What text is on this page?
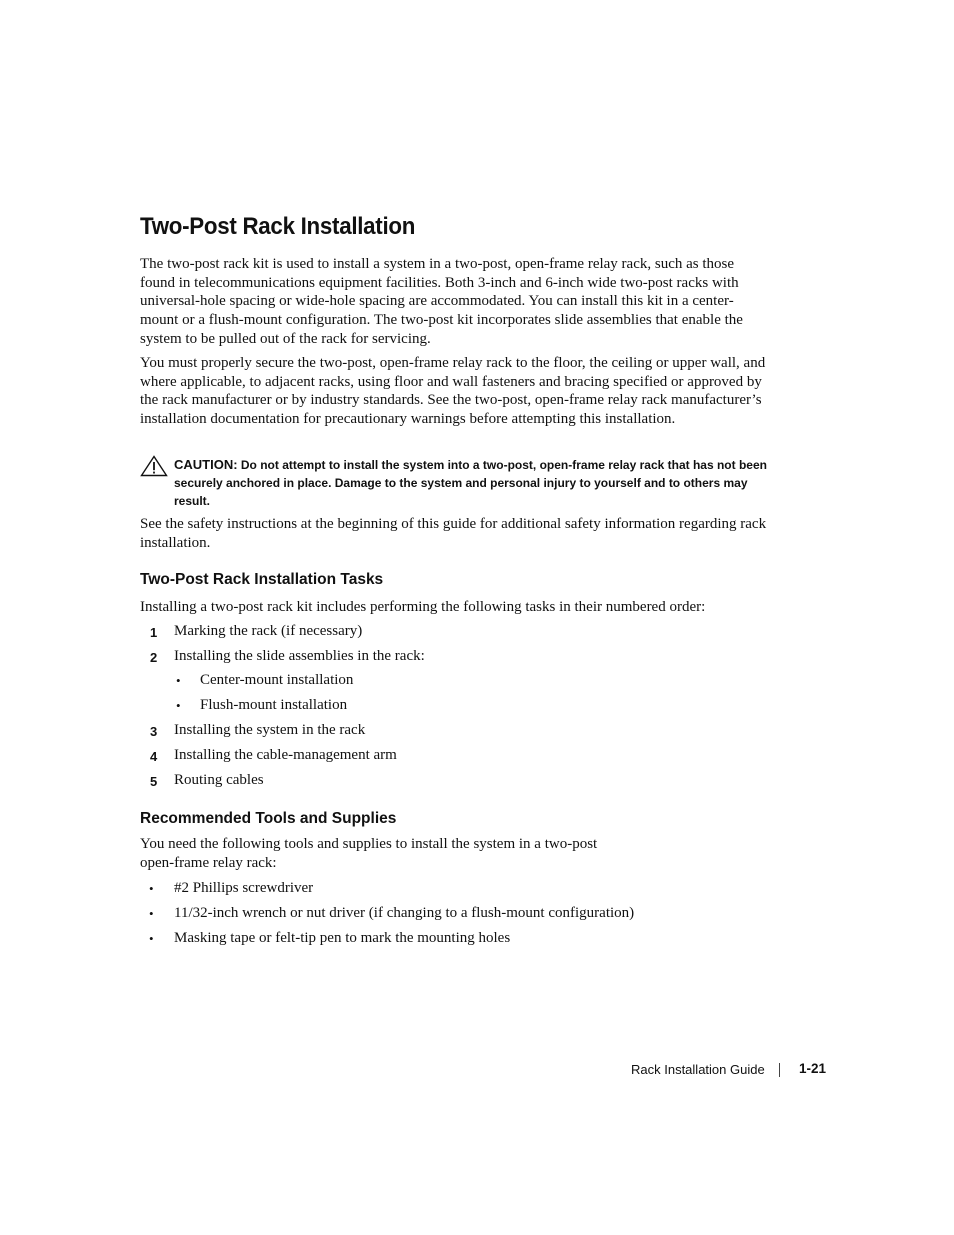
Two-Post Rack Installation

The two-post rack kit is used to install a system in a two-post, open-frame relay rack, such as those found in telecommunications equipment facilities. Both 3-inch and 6-inch wide two-post racks with universal-hole spacing or wide-hole spacing are accommodated. You can install this kit in a center-mount or a flush-mount configuration. The two-post kit incorporates slide assemblies that enable the system to be pulled out of the rack for servicing.

You must properly secure the two-post, open-frame relay rack to the floor, the ceiling or upper wall, and where applicable, to adjacent racks, using floor and wall fasteners and bracing specified or approved by the rack manufacturer or by industry standards. See the two-post, open-frame relay rack manufacturer’s installation documentation for precautionary warnings before attempting this installation.

CAUTION: Do not attempt to install the system into a two-post, open-frame relay rack that has not been securely anchored in place. Damage to the system and personal injury to yourself and to others may result.

See the safety instructions at the beginning of this guide for additional safety information regarding rack installation.

Two-Post Rack Installation Tasks

Installing a two-post rack kit includes performing the following tasks in their numbered order:

1	Marking the rack (if necessary)
2	Installing the slide assemblies in the rack:
• Center-mount installation
• Flush-mount installation
3	Installing the system in the rack
4	Installing the cable-management arm
5	Routing cables
Recommended Tools and Supplies
You need the following tools and supplies to install the system in a two-post
open-frame relay rack:
• #2 Phillips screwdriver
• 11/32-inch wrench or nut driver (if changing to a flush-mount configuration)
• Masking tape or felt-tip pen to mark the mounting holes
Rack Installation Guide	1-21
